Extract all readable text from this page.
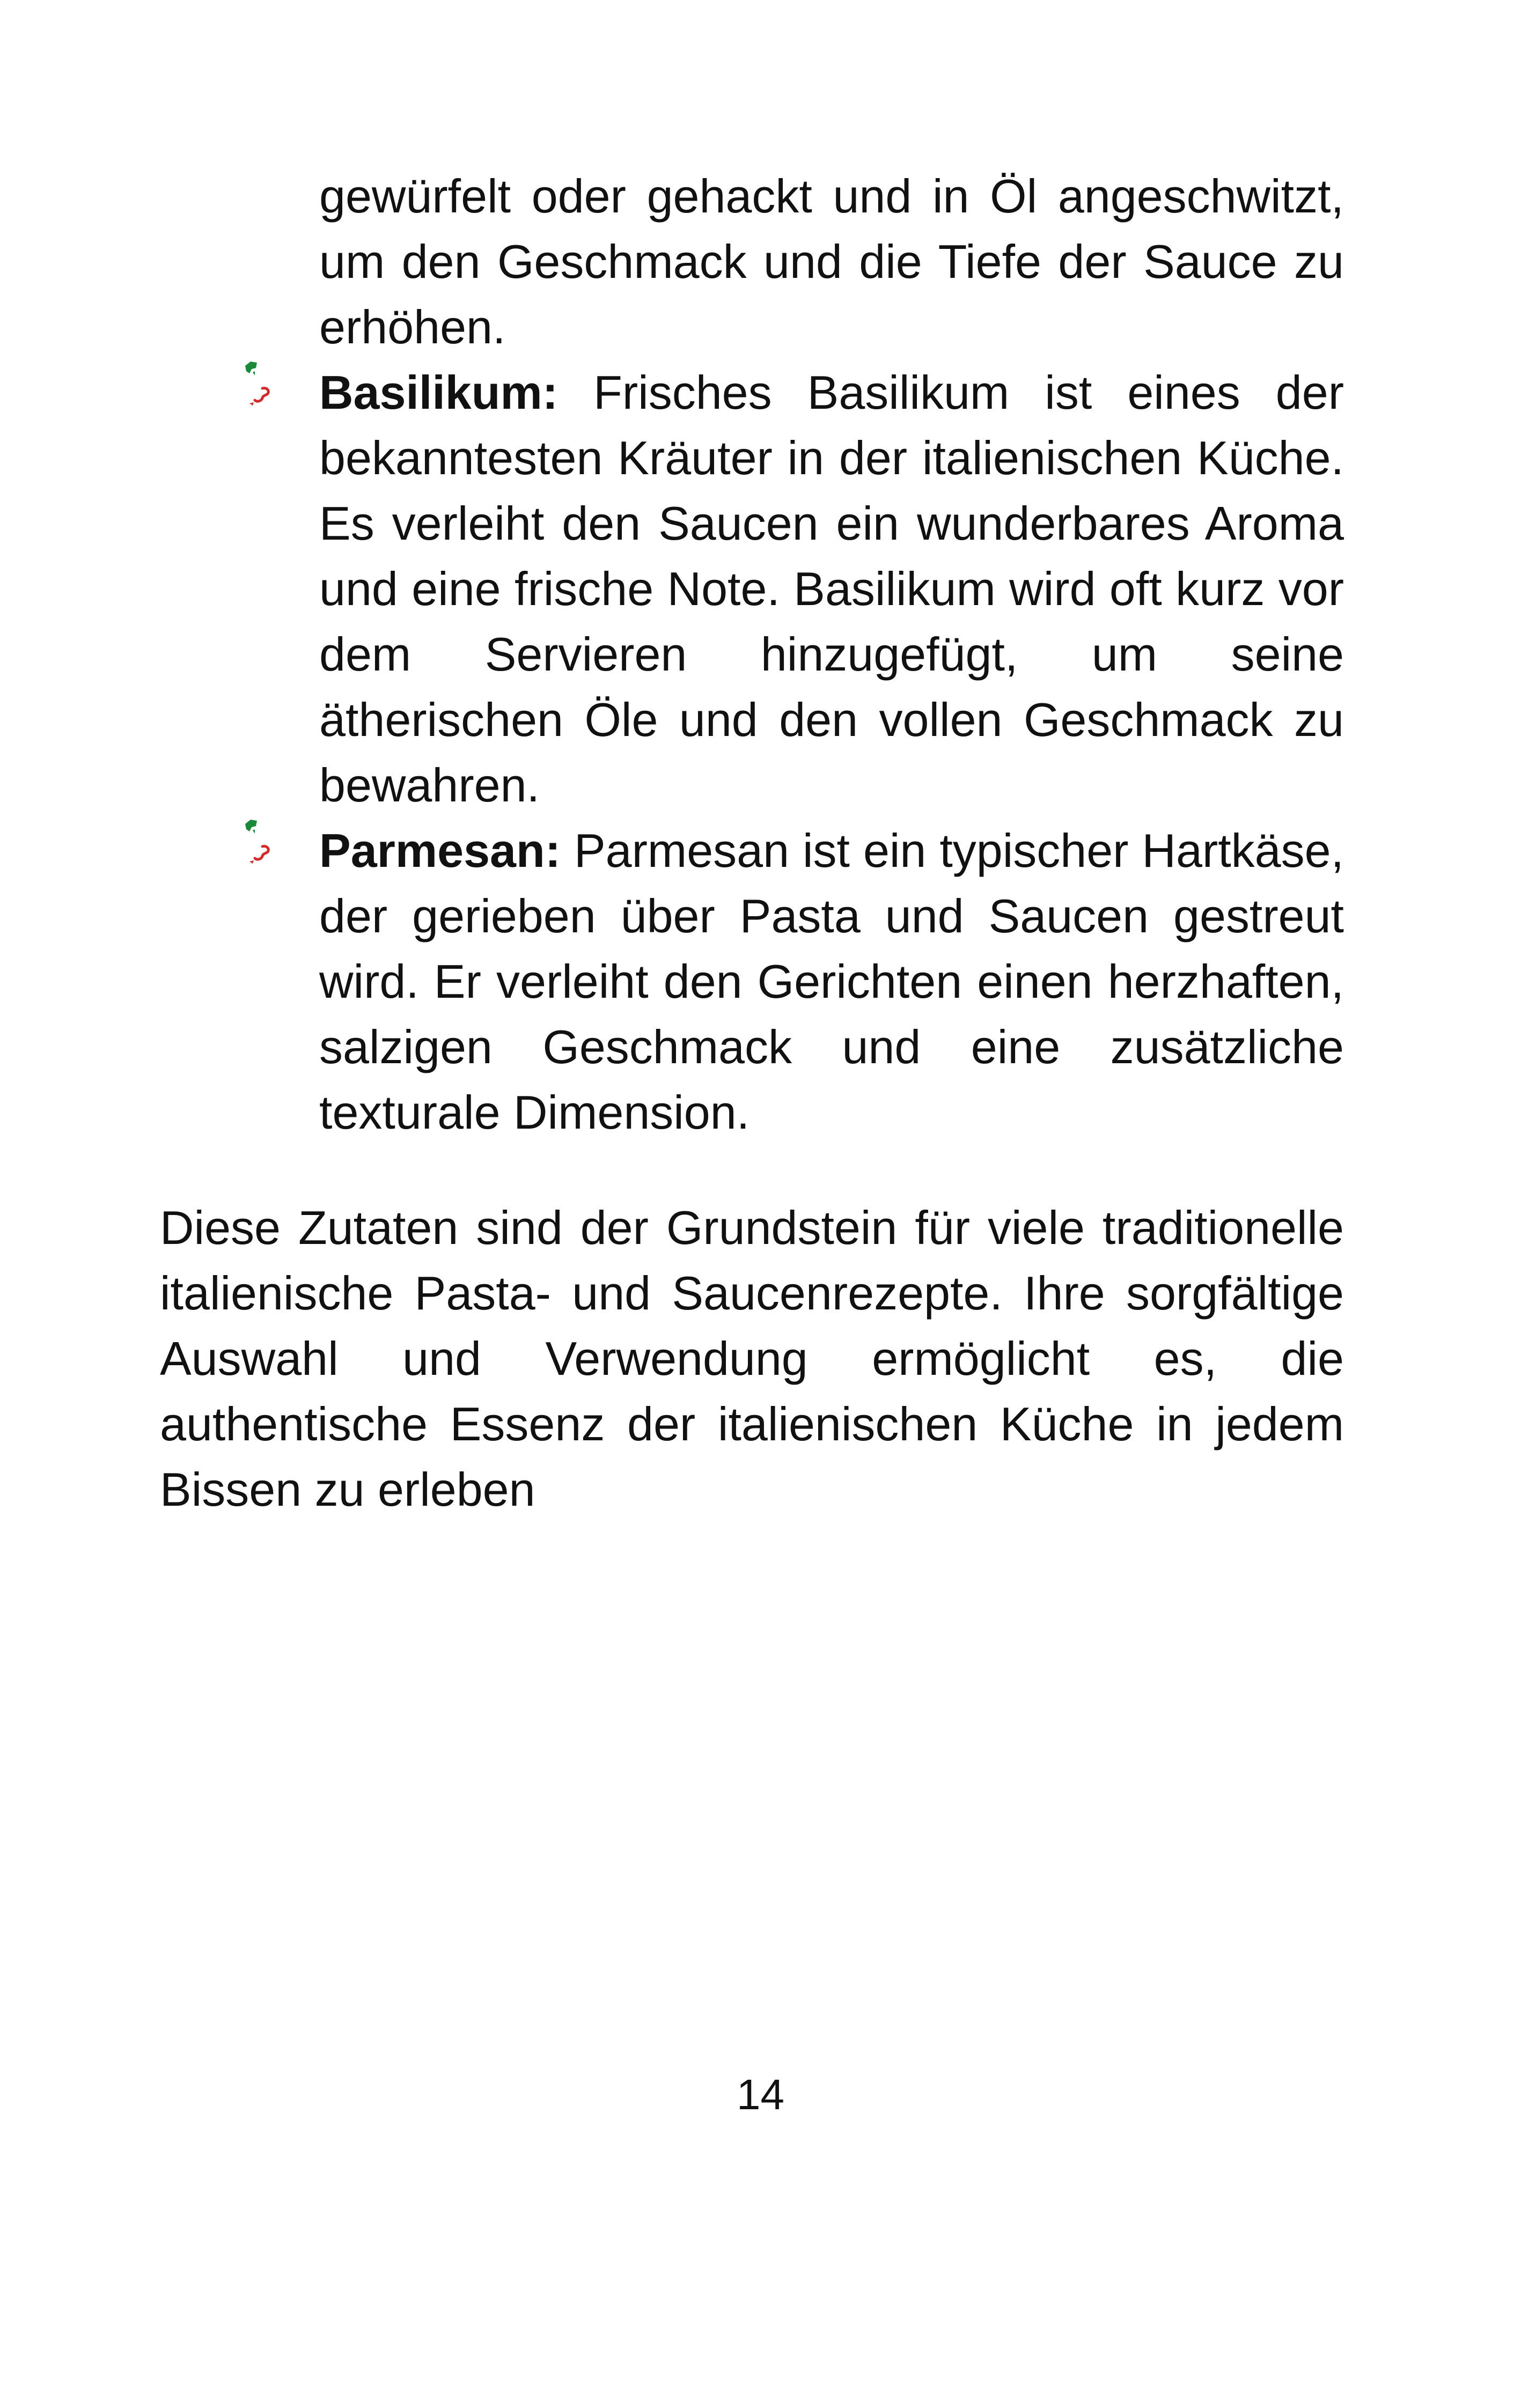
gewürfelt oder gehackt und in Öl angeschwitzt, um den Geschmack und die Tiefe der Sauce zu erhöhen.

Basilikum: Frisches Basilikum ist eines der bekanntesten Kräuter in der italienischen Küche. Es verleiht den Saucen ein wunderbares Aroma und eine frische Note. Basilikum wird oft kurz vor dem Servieren hinzugefügt, um seine ätherischen Öle und den vollen Geschmack zu bewahren.
Parmesan: Parmesan ist ein typischer Hartkäse, der gerieben über Pasta und Saucen gestreut wird. Er verleiht den Gerichten einen herzhaften, salzigen Geschmack und eine zusätzliche texturale Dimension.

Diese Zutaten sind der Grundstein für viele traditionelle italienische Pasta- und Saucenrezepte. Ihre sorgfältige Auswahl und Verwendung ermöglicht es, die authentische Essenz der italienischen Küche in jedem Bissen zu erleben

14
